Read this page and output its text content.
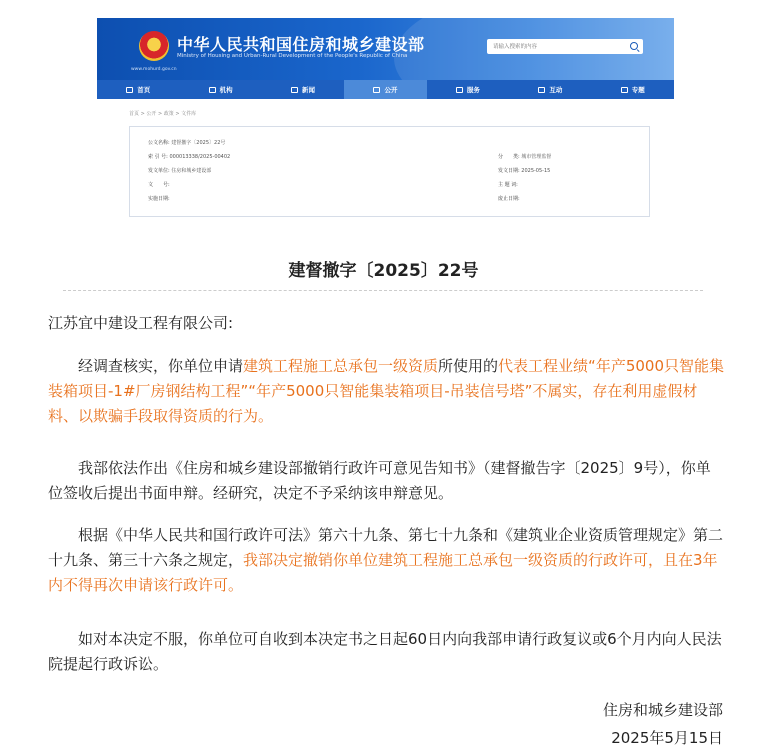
中华人民共和国住房和城乡建设部
Ministry of Housing and Urban-Rural Development of the People's Republic of China
www.mohurd.gov.cn
请输入搜索的内容
首页	机构	新闻	公开	服务	互动	专题
首页 > 公开 > 政策 > 文件库
公文名称: 建督撤字〔2025〕22号
索 引 号: 000013338/2025-00402
发文单位: 住房和城乡建设部
文　　号:
实施日期:
分　　类: 城市管理监督
发文日期: 2025-05-15
主 题 词:
废止日期:
建督撤字〔2025〕22号

江苏宜中建设工程有限公司:

经调查核实，你单位申请建筑工程施工总承包一级资质所使用的代表工程业绩“年产5000只智能集装箱项目-1#厂房钢结构工程”“年产5000只智能集装箱项目-吊装信号塔”不属实，存在利用虚假材料、以欺骗手段取得资质的行为。

我部依法作出《住房和城乡建设部撤销行政许可意见告知书》（建督撤告字〔2025〕9号），你单位签收后提出书面申辩。经研究，决定不予采纳该申辩意见。

根据《中华人民共和国行政许可法》第六十九条、第七十九条和《建筑业企业资质管理规定》第二十九条、第三十六条之规定，我部决定撤销你单位建筑工程施工总承包一级资质的行政许可，且在3年内不得再次申请该行政许可。

如对本决定不服，你单位可自收到本决定书之日起60日内向我部申请行政复议或6个月内向人民法院提起行政诉讼。

住房和城乡建设部
2025年5月15日
